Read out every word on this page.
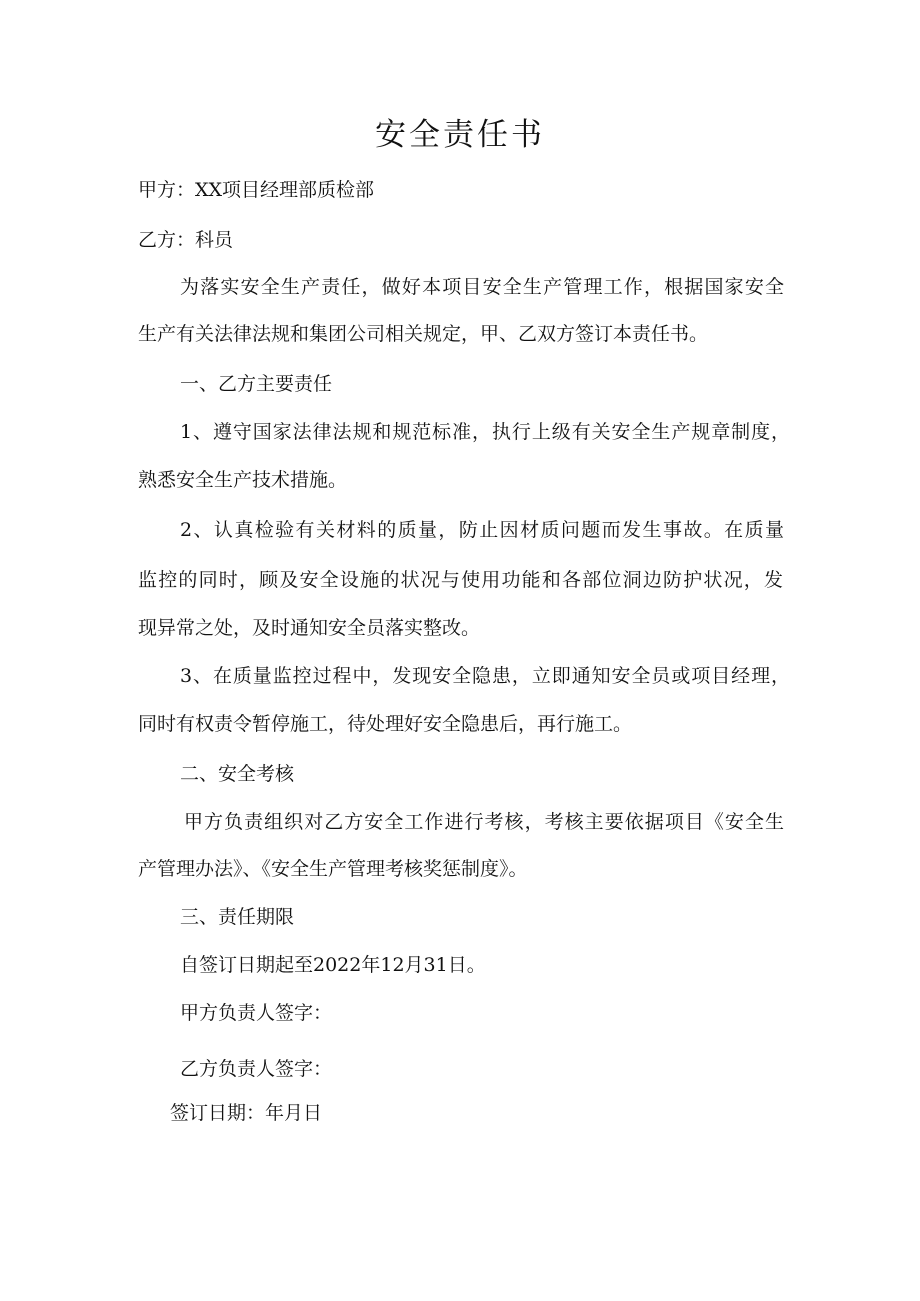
安全责任书

甲方：XX项目经理部质检部

乙方：科员

为落实安全生产责任，做好本项目安全生产管理工作，根据国家安全

生产有关法律法规和集团公司相关规定，甲、乙双方签订本责任书。

一、乙方主要责任

1、遵守国家法律法规和规范标准，执行上级有关安全生产规章制度，

熟悉安全生产技术措施。

2、认真检验有关材料的质量，防止因材质问题而发生事故。在质量

监控的同时，顾及安全设施的状况与使用功能和各部位洞边防护状况，发

现异常之处，及时通知安全员落实整改。

3、在质量监控过程中，发现安全隐患，立即通知安全员或项目经理，

同时有权责令暂停施工，待处理好安全隐患后，再行施工。

二、安全考核

甲方负责组织对乙方安全工作进行考核，考核主要依据项目《安全生

产管理办法》、《安全生产管理考核奖惩制度》。

三、责任期限

自签订日期起至2022年12月31日。

甲方负责人签字：

乙方负责人签字：

签订日期：年月日
